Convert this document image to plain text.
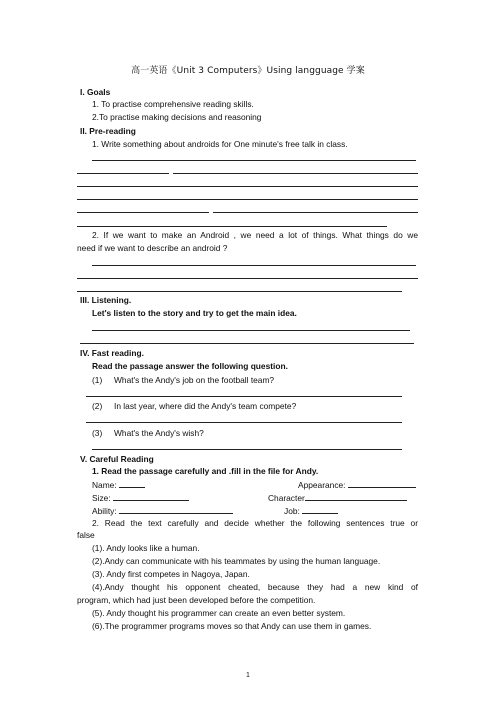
高一英语《Unit 3 Computers》Using langguage 学案
I. Goals
1. To practise comprehensive reading skills.
2.To practise making decisions and reasoning
II. Pre-reading
1. Write something about androids for One minute's free talk in class.
2. If we want to make an Android , we need a lot of things. What things do we
need if we want to describe an android ?
III. Listening.
Let's listen to the story and try to get the main idea.
IV. Fast reading.
Read the passage answer the following question.
(1) What's the Andy's job on the football team?
(2) In last year, where did the Andy's team compete?
(3) What's the Andy's wish?
V. Careful Reading
1. Read the passage carefully and .fill in the file for Andy.
Name:	Appearance:
Size:	Character
Ability:	Job:
2. Read the text carefully and decide whether the following sentences true or
false
(1). Andy looks like a human.
(2).Andy can communicate with his teammates by using the human language.
(3). Andy first competes in Nagoya, Japan.
(4).Andy thought his opponent cheated, because they had a new kind of
program, which had just been developed before the competition.
(5). Andy thought his programmer can create an even better system.
(6).The programmer programs moves so that Andy can use them in games.
1
